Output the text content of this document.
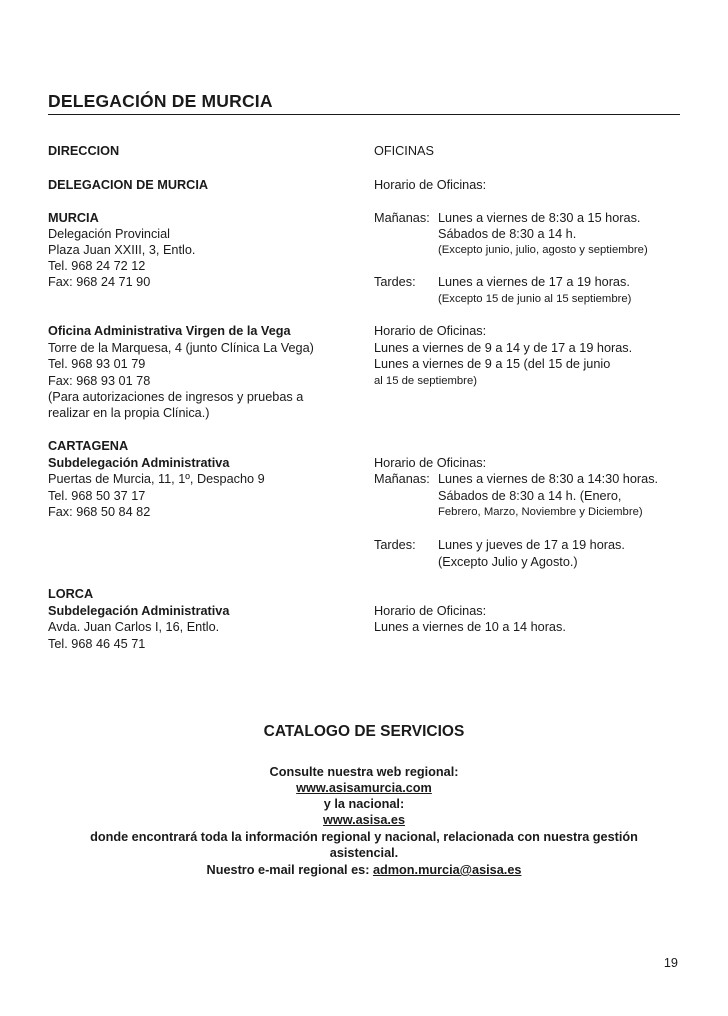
DELEGACIÓN DE MURCIA
DIRECCION
DELEGACION DE MURCIA
MURCIA
Delegación Provincial
Plaza Juan XXIII, 3, Entlo.
Tel. 968 24 72 12
Fax: 968 24 71 90
Oficina Administrativa Virgen de la Vega
Torre de la Marquesa, 4 (junto Clínica La Vega)
Tel. 968 93 01 79
Fax: 968 93 01 78
(Para autorizaciones de ingresos y pruebas a
realizar en la propia Clínica.)
CARTAGENA
Subdelegación Administrativa
Puertas de Murcia, 11, 1º, Despacho 9
Tel. 968 50 37 17
Fax: 968 50 84 82
LORCA
Subdelegación Administrativa
Avda. Juan Carlos I, 16, Entlo.
Tel. 968 46 45 71
OFICINAS
Horario de Oficinas:
Mañanas: Lunes a viernes de 8:30 a 15 horas.
Sábados de 8:30 a 14 h.
(Excepto junio, julio, agosto y septiembre)
Tardes: Lunes a viernes de 17 a 19 horas.
(Excepto 15 de junio al 15 septiembre)
Horario de Oficinas:
Lunes a viernes de 9 a 14 y de 17 a 19 horas.
Lunes a viernes de 9 a 15 (del 15 de junio
al 15 de septiembre)
Horario de Oficinas:
Mañanas: Lunes a viernes de 8:30 a 14:30 horas.
Sábados de 8:30 a 14 h. (Enero,
Febrero, Marzo, Noviembre y Diciembre)
Tardes: Lunes y jueves de 17 a 19 horas.
(Excepto Julio y Agosto.)
Horario de Oficinas:
Lunes a viernes de 10 a 14 horas.
CATALOGO DE SERVICIOS
Consulte nuestra web regional:
www.asisamurcia.com
y la nacional:
www.asisa.es
donde encontrará toda la información regional y nacional, relacionada con nuestra gestión
asistencial.
Nuestro e-mail regional es: admon.murcia@asisa.es
19
